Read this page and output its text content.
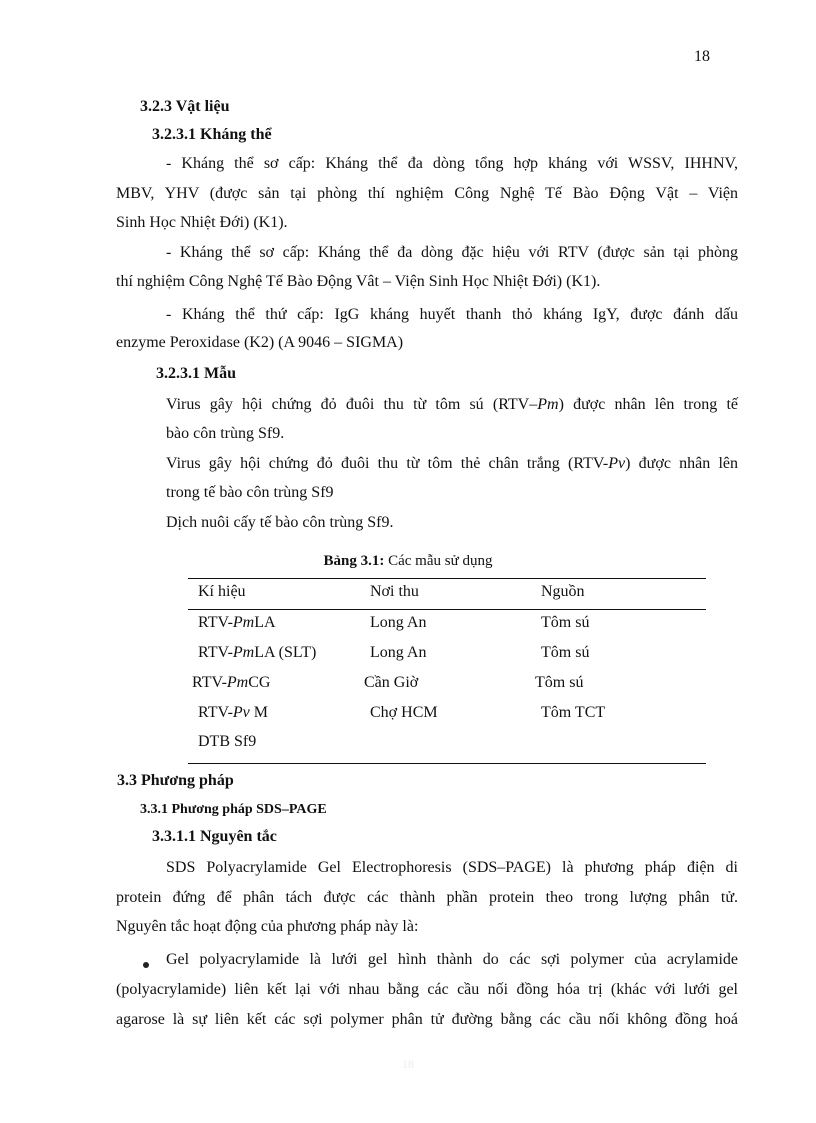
18
3.2.3 Vật liệu
3.2.3.1 Kháng thể
- Kháng thể sơ cấp: Kháng thể đa dòng tổng hợp kháng với WSSV, IHHNV,
MBV, YHV (được sản tại phòng thí nghiệm Công Nghệ Tế Bào Động Vật – Viện
Sinh Học Nhiệt Đới) (K1).
- Kháng thể sơ cấp: Kháng thể đa dòng đặc hiệu với RTV (được sản tại phòng
thí nghiệm Công Nghệ Tế Bào Động Vât – Viện Sinh Học Nhiệt Đới) (K1).
- Kháng thể thứ cấp: IgG kháng huyết thanh thỏ kháng IgY, được đánh dấu
enzyme Peroxidase (K2) (A 9046 – SIGMA)
3.2.3.1 Mẫu
Virus gây hội chứng đỏ đuôi thu từ tôm sú (RTV–Pm) được nhân lên trong tế
bào côn trùng Sf9.
Virus gây hội chứng đỏ đuôi thu từ tôm thẻ chân trắng (RTV-Pv) được nhân lên
trong tế bào côn trùng Sf9
Dịch nuôi cấy tế bào côn trùng Sf9.
Bảng 3.1: Các mẫu sử dụng
Kí hiệu	Nơi thu	Nguồn
RTV-PmLA	Long An	Tôm sú
RTV-PmLA (SLT)	Long An	Tôm sú
RTV-PmCG	Cần Giờ	Tôm sú
RTV-Pv M	Chợ HCM	Tôm TCT
DTB Sf9
3.3 Phương pháp
3.3.1 Phương pháp SDS–PAGE
3.3.1.1 Nguyên tắc
SDS Polyacrylamide Gel Electrophoresis (SDS–PAGE) là phương pháp điện di
protein đứng để phân tách được các thành phần protein theo trong lượng phân tử.
Nguyên tắc hoạt động của phương pháp này là:
Gel polyacrylamide là lưới gel hình thành do các sợi polymer của acrylamide
(polyacrylamide) liên kết lại với nhau bằng các cầu nối đồng hóa trị (khác với lưới gel
agarose là sự liên kết các sợi polymer phân tử đường bằng các cầu nối không đồng hoá
18
